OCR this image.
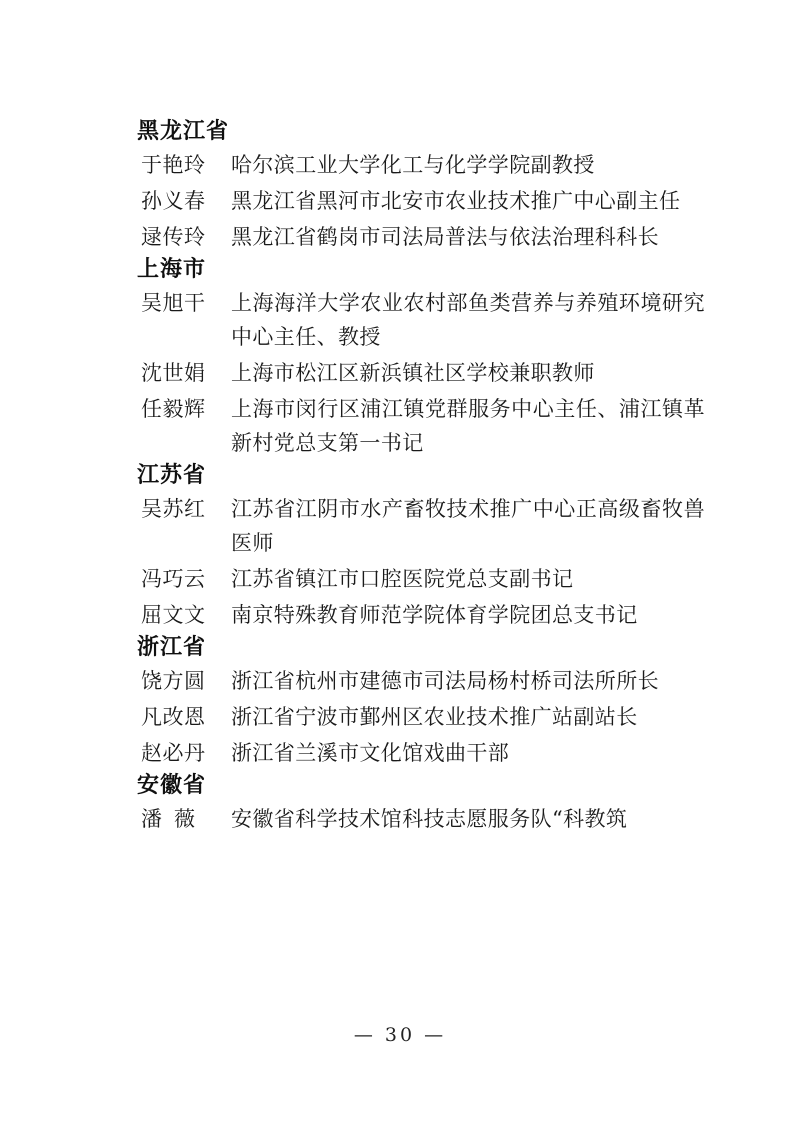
黑龙江省
于艳玲	哈尔滨工业大学化工与化学学院副教授
孙义春	黑龙江省黑河市北安市农业技术推广中心副主任
逯传玲	黑龙江省鹤岗市司法局普法与依法治理科科长
上海市
吴旭干	上海海洋大学农业农村部鱼类营养与养殖环境研究中心主任、教授
沈世娟	上海市松江区新浜镇社区学校兼职教师
任毅辉	上海市闵行区浦江镇党群服务中心主任、浦江镇革新村党总支第一书记
江苏省
吴苏红	江苏省江阴市水产畜牧技术推广中心正高级畜牧兽医师
冯巧云	江苏省镇江市口腔医院党总支副书记
屈文文	南京特殊教育师范学院体育学院团总支书记
浙江省
饶方圆	浙江省杭州市建德市司法局杨村桥司法所所长
凡改恩	浙江省宁波市鄞州区农业技术推广站副站长
赵必丹	浙江省兰溪市文化馆戏曲干部
安徽省
潘薇	安徽省科学技术馆科技志愿服务队“科教筑
— 30 —
